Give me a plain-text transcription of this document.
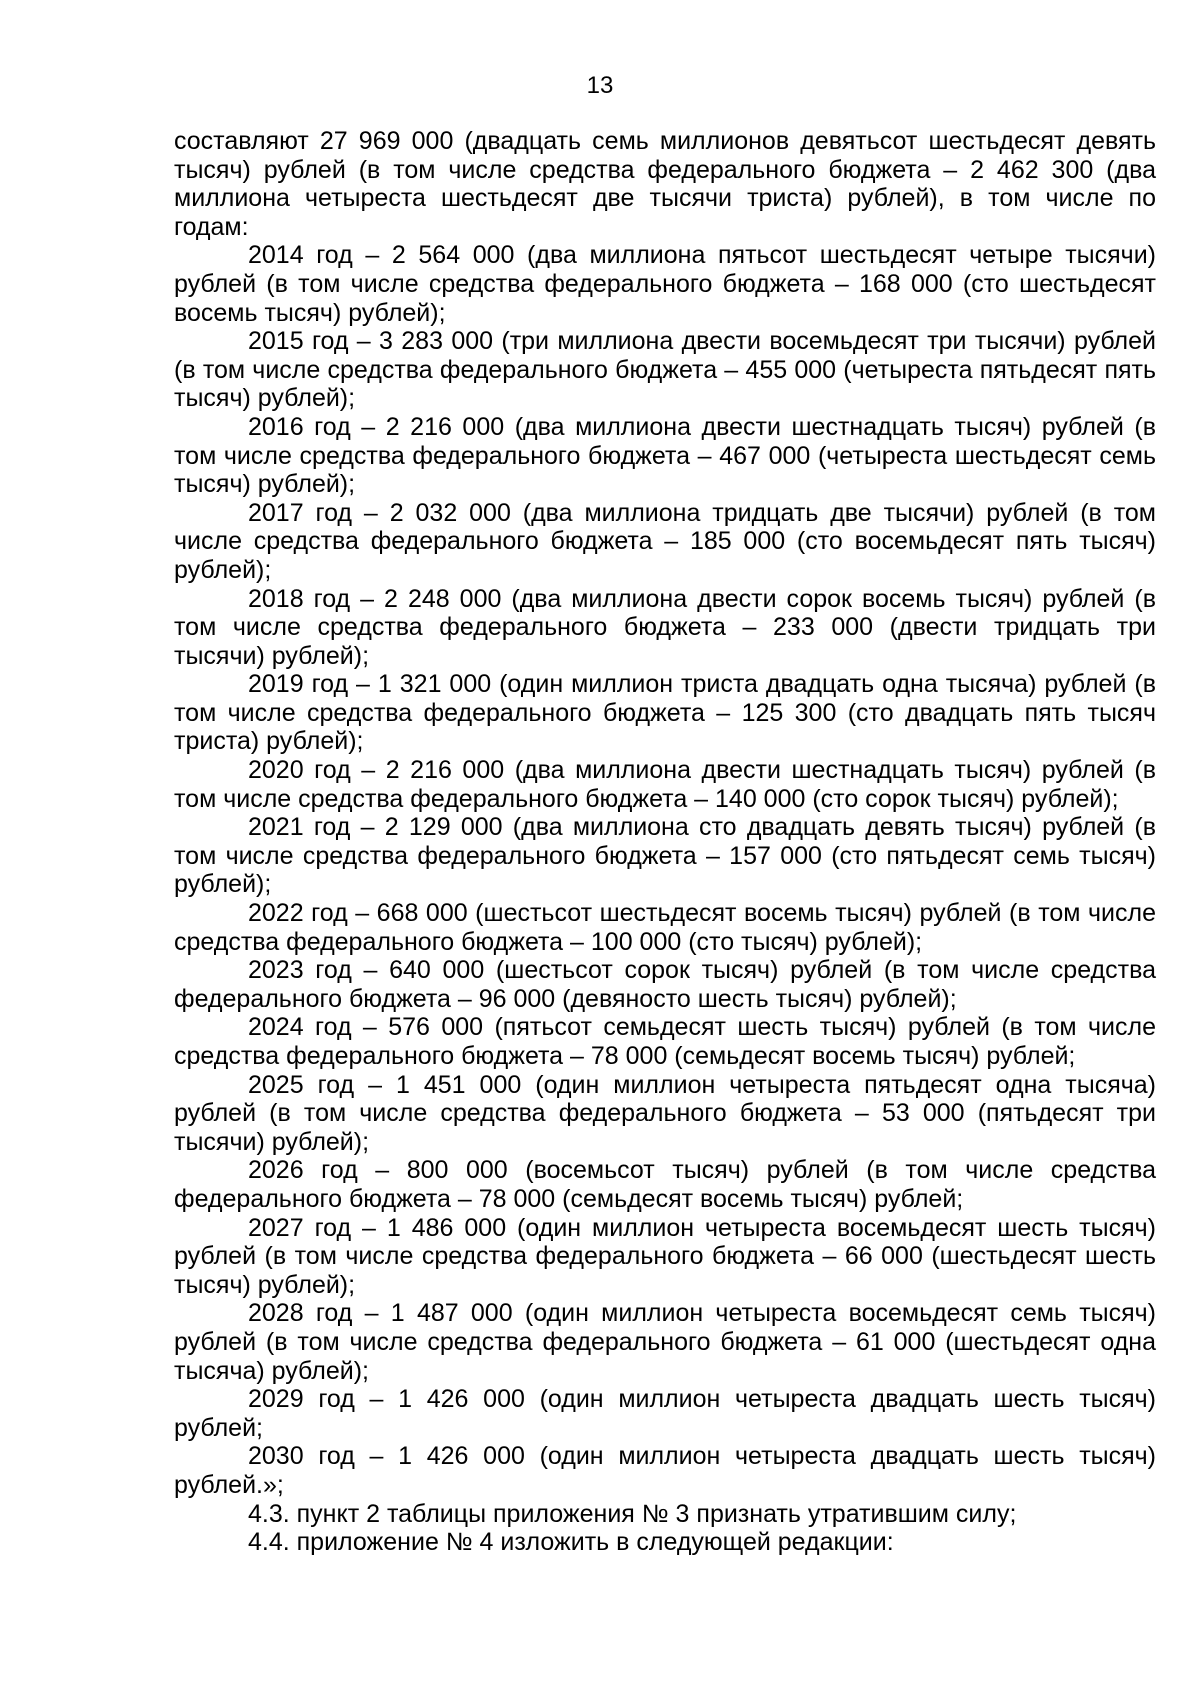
13

составляют 27 969 000 (двадцать семь миллионов девятьсот шестьдесят девять тысяч) рублей (в том числе средства федерального бюджета – 2 462 300 (два миллиона четыреста шестьдесят две тысячи триста) рублей), в том числе по годам:

2014 год – 2 564 000 (два миллиона пятьсот шестьдесят четыре тысячи) рублей (в том числе средства федерального бюджета – 168 000 (сто шестьдесят восемь тысяч) рублей);

2015 год – 3 283 000 (три миллиона двести восемьдесят три тысячи) рублей (в том числе средства федерального бюджета – 455 000 (четыреста пятьдесят пять тысяч) рублей);

2016 год – 2 216 000 (два миллиона двести шестнадцать тысяч) рублей (в том числе средства федерального бюджета – 467 000 (четыреста шестьдесят семь тысяч) рублей);

2017 год – 2 032 000 (два миллиона тридцать две тысячи) рублей (в том числе средства федерального бюджета – 185 000 (сто восемьдесят пять тысяч) рублей);

2018 год – 2 248 000 (два миллиона двести сорок восемь тысяч) рублей (в том числе средства федерального бюджета – 233 000 (двести тридцать три тысячи) рублей);

2019 год – 1 321 000 (один миллион триста двадцать одна тысяча) рублей (в том числе средства федерального бюджета – 125 300 (сто двадцать пять тысяч триста) рублей);

2020 год – 2 216 000 (два миллиона двести шестнадцать тысяч) рублей (в том числе средства федерального бюджета – 140 000 (сто сорок тысяч) рублей);

2021 год – 2 129 000 (два миллиона сто двадцать девять тысяч) рублей (в том числе средства федерального бюджета – 157 000 (сто пятьдесят семь тысяч) рублей);

2022 год – 668 000 (шестьсот шестьдесят восемь тысяч) рублей (в том числе средства федерального бюджета – 100 000 (сто тысяч) рублей);

2023 год – 640 000 (шестьсот сорок тысяч) рублей (в том числе средства федерального бюджета – 96 000 (девяносто шесть тысяч) рублей);

2024 год – 576 000 (пятьсот семьдесят шесть тысяч) рублей (в том числе средства федерального бюджета – 78 000 (семьдесят восемь тысяч) рублей;

2025 год – 1 451 000 (один миллион четыреста пятьдесят одна тысяча) рублей (в том числе средства федерального бюджета – 53 000 (пятьдесят три тысячи) рублей);

2026 год – 800 000 (восемьсот тысяч) рублей (в том числе средства федерального бюджета – 78 000 (семьдесят восемь тысяч) рублей;

2027 год – 1 486 000 (один миллион четыреста восемьдесят шесть тысяч) рублей (в том числе средства федерального бюджета – 66 000 (шестьдесят шесть тысяч) рублей);

2028 год – 1 487 000 (один миллион четыреста восемьдесят семь тысяч) рублей (в том числе средства федерального бюджета – 61 000 (шестьдесят одна тысяча) рублей);

2029 год – 1 426 000 (один миллион четыреста двадцать шесть тысяч) рублей;

2030 год – 1 426 000 (один миллион четыреста двадцать шесть тысяч) рублей.»;

4.3. пункт 2 таблицы приложения № 3 признать утратившим силу;

4.4. приложение № 4 изложить в следующей редакции:
